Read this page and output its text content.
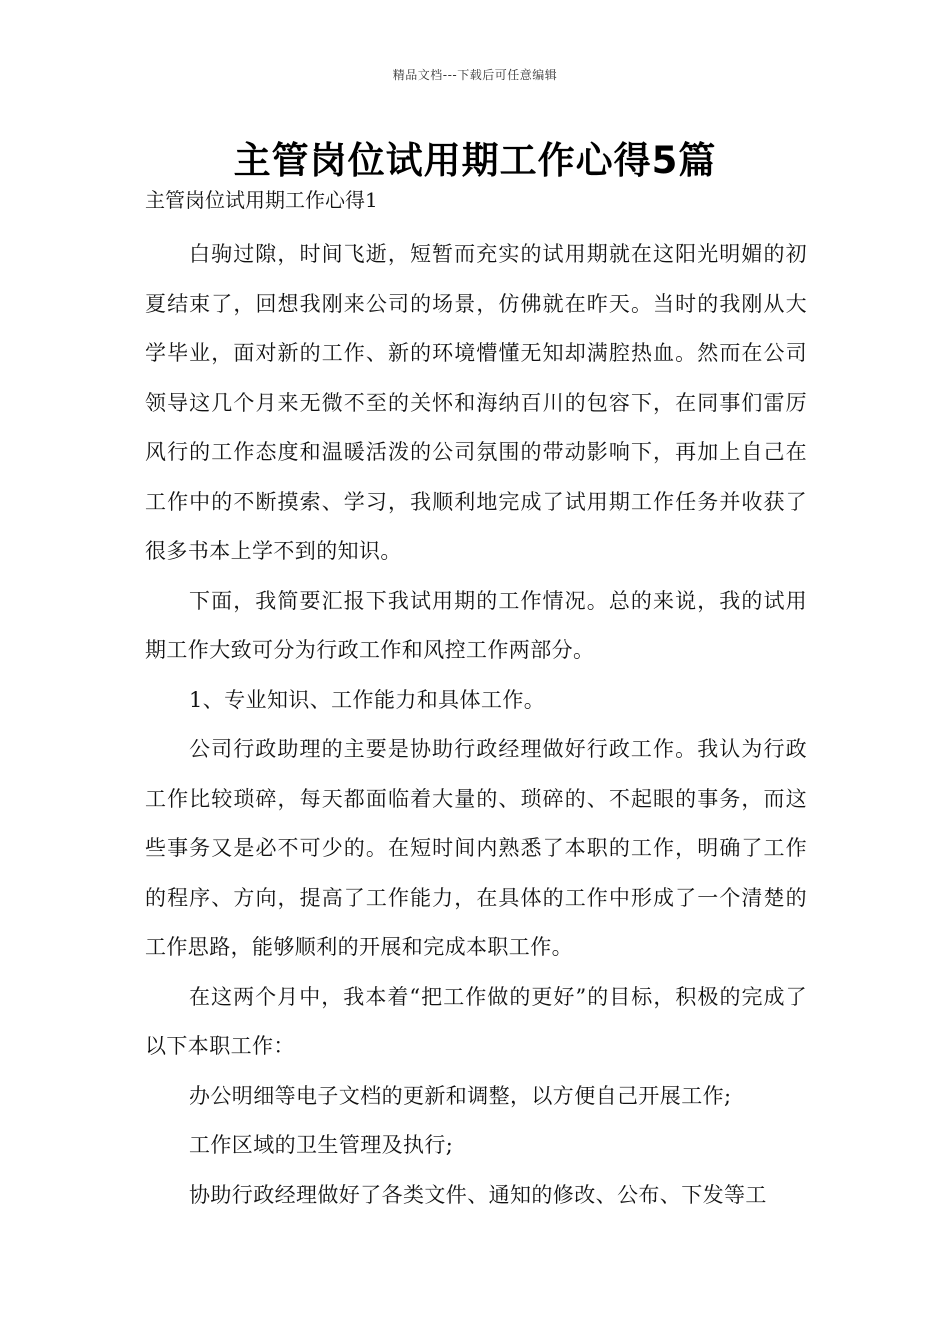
精品文档---下载后可任意编辑
主管岗位试用期工作心得5篇

主管岗位试用期工作心得1

白驹过隙，时间飞逝，短暂而充实的试用期就在这阳光明媚的初夏结束了，回想我刚来公司的场景，仿佛就在昨天。当时的我刚从大学毕业，面对新的工作、新的环境懵懂无知却满腔热血。然而在公司领导这几个月来无微不至的关怀和海纳百川的包容下，在同事们雷厉风行的工作态度和温暖活泼的公司氛围的带动影响下，再加上自己在工作中的不断摸索、学习，我顺利地完成了试用期工作任务并收获了很多书本上学不到的知识。

下面，我简要汇报下我试用期的工作情况。总的来说，我的试用期工作大致可分为行政工作和风控工作两部分。

1、专业知识、工作能力和具体工作。

公司行政助理的主要是协助行政经理做好行政工作。我认为行政工作比较琐碎，每天都面临着大量的、琐碎的、不起眼的事务，而这些事务又是必不可少的。在短时间内熟悉了本职的工作，明确了工作的程序、方向，提高了工作能力，在具体的工作中形成了一个清楚的工作思路，能够顺利的开展和完成本职工作。

在这两个月中，我本着“把工作做的更好”的目标，积极的完成了以下本职工作：

办公明细等电子文档的更新和调整，以方便自己开展工作;

工作区域的卫生管理及执行;

协助行政经理做好了各类文件、通知的修改、公布、下发等工
